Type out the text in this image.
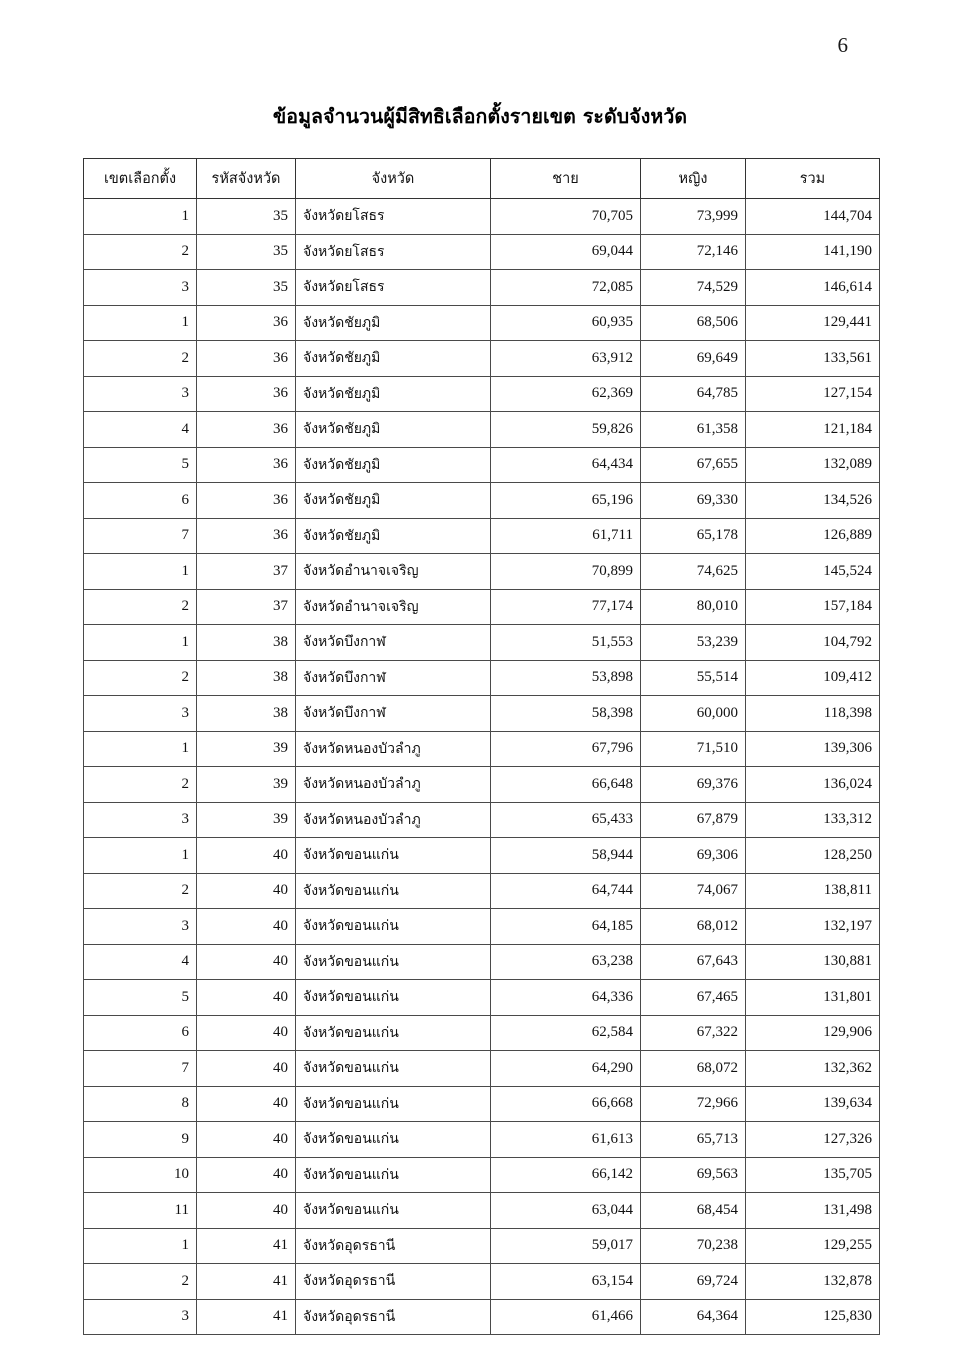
6
ข้อมูลจำนวนผู้มีสิทธิเลือกตั้งรายเขต ระดับจังหวัด
เขตเลือกตั้ง	รหัสจังหวัด	จังหวัด	ชาย	หญิง	รวม
1	35	จังหวัดยโสธร	70,705	73,999	144,704
2	35	จังหวัดยโสธร	69,044	72,146	141,190
3	35	จังหวัดยโสธร	72,085	74,529	146,614
1	36	จังหวัดชัยภูมิ	60,935	68,506	129,441
2	36	จังหวัดชัยภูมิ	63,912	69,649	133,561
3	36	จังหวัดชัยภูมิ	62,369	64,785	127,154
4	36	จังหวัดชัยภูมิ	59,826	61,358	121,184
5	36	จังหวัดชัยภูมิ	64,434	67,655	132,089
6	36	จังหวัดชัยภูมิ	65,196	69,330	134,526
7	36	จังหวัดชัยภูมิ	61,711	65,178	126,889
1	37	จังหวัดอำนาจเจริญ	70,899	74,625	145,524
2	37	จังหวัดอำนาจเจริญ	77,174	80,010	157,184
1	38	จังหวัดบึงกาฬ	51,553	53,239	104,792
2	38	จังหวัดบึงกาฬ	53,898	55,514	109,412
3	38	จังหวัดบึงกาฬ	58,398	60,000	118,398
1	39	จังหวัดหนองบัวลำภู	67,796	71,510	139,306
2	39	จังหวัดหนองบัวลำภู	66,648	69,376	136,024
3	39	จังหวัดหนองบัวลำภู	65,433	67,879	133,312
1	40	จังหวัดขอนแก่น	58,944	69,306	128,250
2	40	จังหวัดขอนแก่น	64,744	74,067	138,811
3	40	จังหวัดขอนแก่น	64,185	68,012	132,197
4	40	จังหวัดขอนแก่น	63,238	67,643	130,881
5	40	จังหวัดขอนแก่น	64,336	67,465	131,801
6	40	จังหวัดขอนแก่น	62,584	67,322	129,906
7	40	จังหวัดขอนแก่น	64,290	68,072	132,362
8	40	จังหวัดขอนแก่น	66,668	72,966	139,634
9	40	จังหวัดขอนแก่น	61,613	65,713	127,326
10	40	จังหวัดขอนแก่น	66,142	69,563	135,705
11	40	จังหวัดขอนแก่น	63,044	68,454	131,498
1	41	จังหวัดอุดรธานี	59,017	70,238	129,255
2	41	จังหวัดอุดรธานี	63,154	69,724	132,878
3	41	จังหวัดอุดรธานี	61,466	64,364	125,830
